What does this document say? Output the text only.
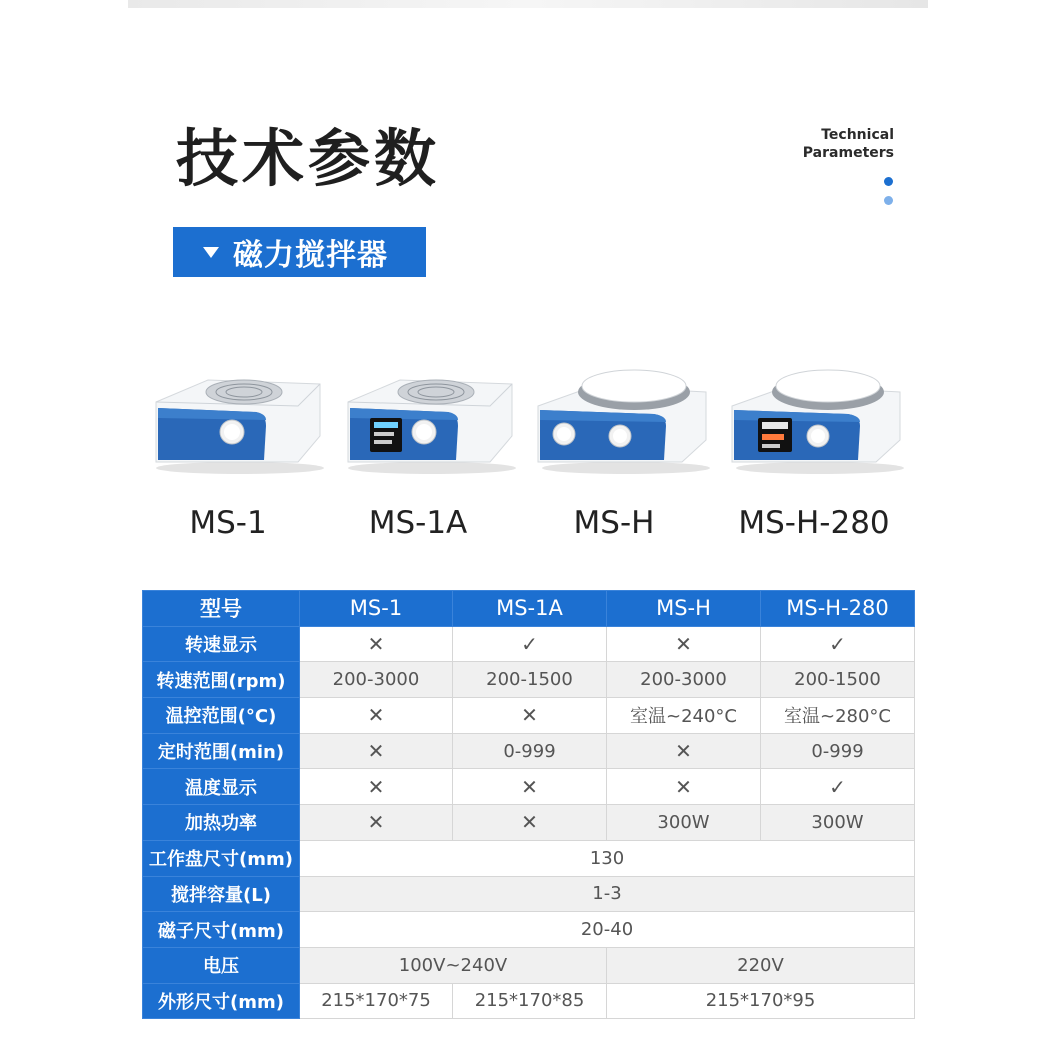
技术参数	Technical
Parameters
磁力搅拌器
MS-1	MS-1A	MS-H	MS-H-280
型号	MS-1	MS-1A	MS-H	MS-H-280
转速显示	✕	✓	✕	✓
转速范围(rpm)	200-3000	200-1500	200-3000	200-1500
温控范围(°C)	✕	✕	室温~240°C	室温~280°C
定时范围(min)	✕	0-999	✕	0-999
温度显示	✕	✕	✕	✓
加热功率	✕	✕	300W	300W
工作盘尺寸(mm)	130			
搅拌容量(L)	1-3			
磁子尺寸(mm)	20-40			
电压	100V~240V		220V	
外形尺寸(mm)	215*170*75	215*170*85	215*170*95	
